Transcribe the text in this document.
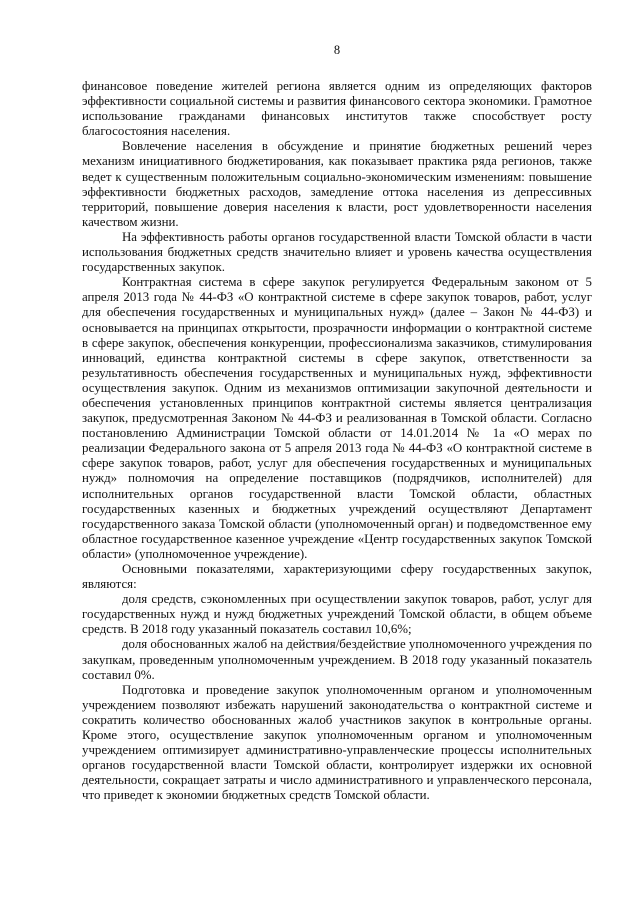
8

финансовое поведение жителей региона является одним из определяющих факторов эффективности социальной системы и развития финансового сектора экономики. Грамотное использование гражданами финансовых институтов также способствует росту благосостояния населения.

Вовлечение населения в обсуждение и принятие бюджетных решений через механизм инициативного бюджетирования, как показывает практика ряда регионов, также ведет к существенным положительным социально-экономическим изменениям: повышение эффективности бюджетных расходов, замедление оттока населения из депрессивных территорий, повышение доверия населения к власти, рост удовлетворенности населения качеством жизни.

На эффективность работы органов государственной власти Томской области в части использования бюджетных средств значительно влияет и уровень качества осуществления государственных закупок.

Контрактная система в сфере закупок регулируется Федеральным законом от 5 апреля 2013 года № 44-ФЗ «О контрактной системе в сфере закупок товаров, работ, услуг для обеспечения государственных и муниципальных нужд» (далее – Закон № 44-ФЗ) и основывается на принципах открытости, прозрачности информации о контрактной системе в сфере закупок, обеспечения конкуренции, профессионализма заказчиков, стимулирования инноваций, единства контрактной системы в сфере закупок, ответственности за результативность обеспечения государственных и муниципальных нужд, эффективности осуществления закупок. Одним из механизмов оптимизации закупочной деятельности и обеспечения установленных принципов контрактной системы является централизация закупок, предусмотренная Законом № 44-ФЗ и реализованная в Томской области. Согласно постановлению Администрации Томской области от 14.01.2014 № 1а «О мерах по реализации Федерального закона от 5 апреля 2013 года № 44-ФЗ «О контрактной системе в сфере закупок товаров, работ, услуг для обеспечения государственных и муниципальных нужд» полномочия на определение поставщиков (подрядчиков, исполнителей) для исполнительных органов государственной власти Томской области, областных государственных казенных и бюджетных учреждений осуществляют Департамент государственного заказа Томской области (уполномоченный орган) и подведомственное ему областное государственное казенное учреждение «Центр государственных закупок Томской области» (уполномоченное учреждение).

Основными показателями, характеризующими сферу государственных закупок, являются:

доля средств, сэкономленных при осуществлении закупок товаров, работ, услуг для государственных нужд и нужд бюджетных учреждений Томской области, в общем объеме средств. В 2018 году указанный показатель составил 10,6%;

доля обоснованных жалоб на действия/бездействие уполномоченного учреждения по закупкам, проведенным уполномоченным учреждением. В 2018 году указанный показатель составил 0%.

Подготовка и проведение закупок уполномоченным органом и уполномоченным учреждением позволяют избежать нарушений законодательства о контрактной системе и сократить количество обоснованных жалоб участников закупок в контрольные органы. Кроме этого, осуществление закупок уполномоченным органом и уполномоченным учреждением оптимизирует административно-управленческие процессы исполнительных органов государственной власти Томской области, контролирует издержки их основной деятельности, сокращает затраты и число административного и управленческого персонала, что приведет к экономии бюджетных средств Томской области.
